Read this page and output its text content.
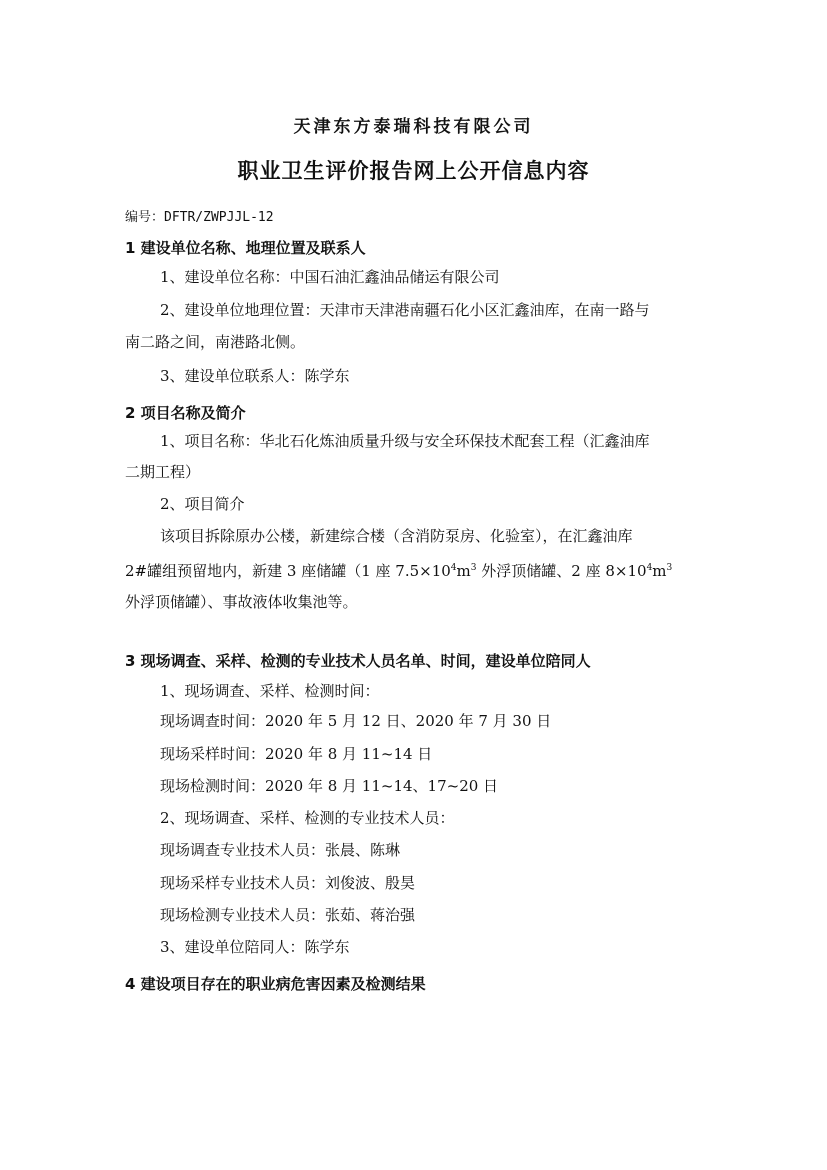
天津东方泰瑞科技有限公司
职业卫生评价报告网上公开信息内容
编号：DFTR/ZWPJJL-12
1 建设单位名称、地理位置及联系人
1、建设单位名称：中国石油汇鑫油品储运有限公司
2、建设单位地理位置：天津市天津港南疆石化小区汇鑫油库，在南一路与
南二路之间，南港路北侧。
3、建设单位联系人：陈学东
2 项目名称及简介
1、项目名称：华北石化炼油质量升级与安全环保技术配套工程（汇鑫油库
二期工程）
2、项目简介
该项目拆除原办公楼，新建综合楼（含消防泵房、化验室），在汇鑫油库
2#罐组预留地内，新建 3 座储罐（1 座 $7.5\times 10^4m^3$ 外浮顶储罐、2 座 $8\times 10^4m^3$
外浮顶储罐）、事故液体收集池等。
3 现场调查、采样、检测的专业技术人员名单、时间，建设单位陪同人
1、现场调查、采样、检测时间：
现场调查时间：2020 年 5 月 12 日、2020 年 7 月 30 日
现场采样时间：2020 年 8 月 11~14 日
现场检测时间：2020 年 8 月 11~14、17~20 日
2、现场调查、采样、检测的专业技术人员：
现场调查专业技术人员：张晨、陈琳
现场采样专业技术人员：刘俊波、殷昊
现场检测专业技术人员：张茹、蒋治强
3、建设单位陪同人：陈学东
4 建设项目存在的职业病危害因素及检测结果
